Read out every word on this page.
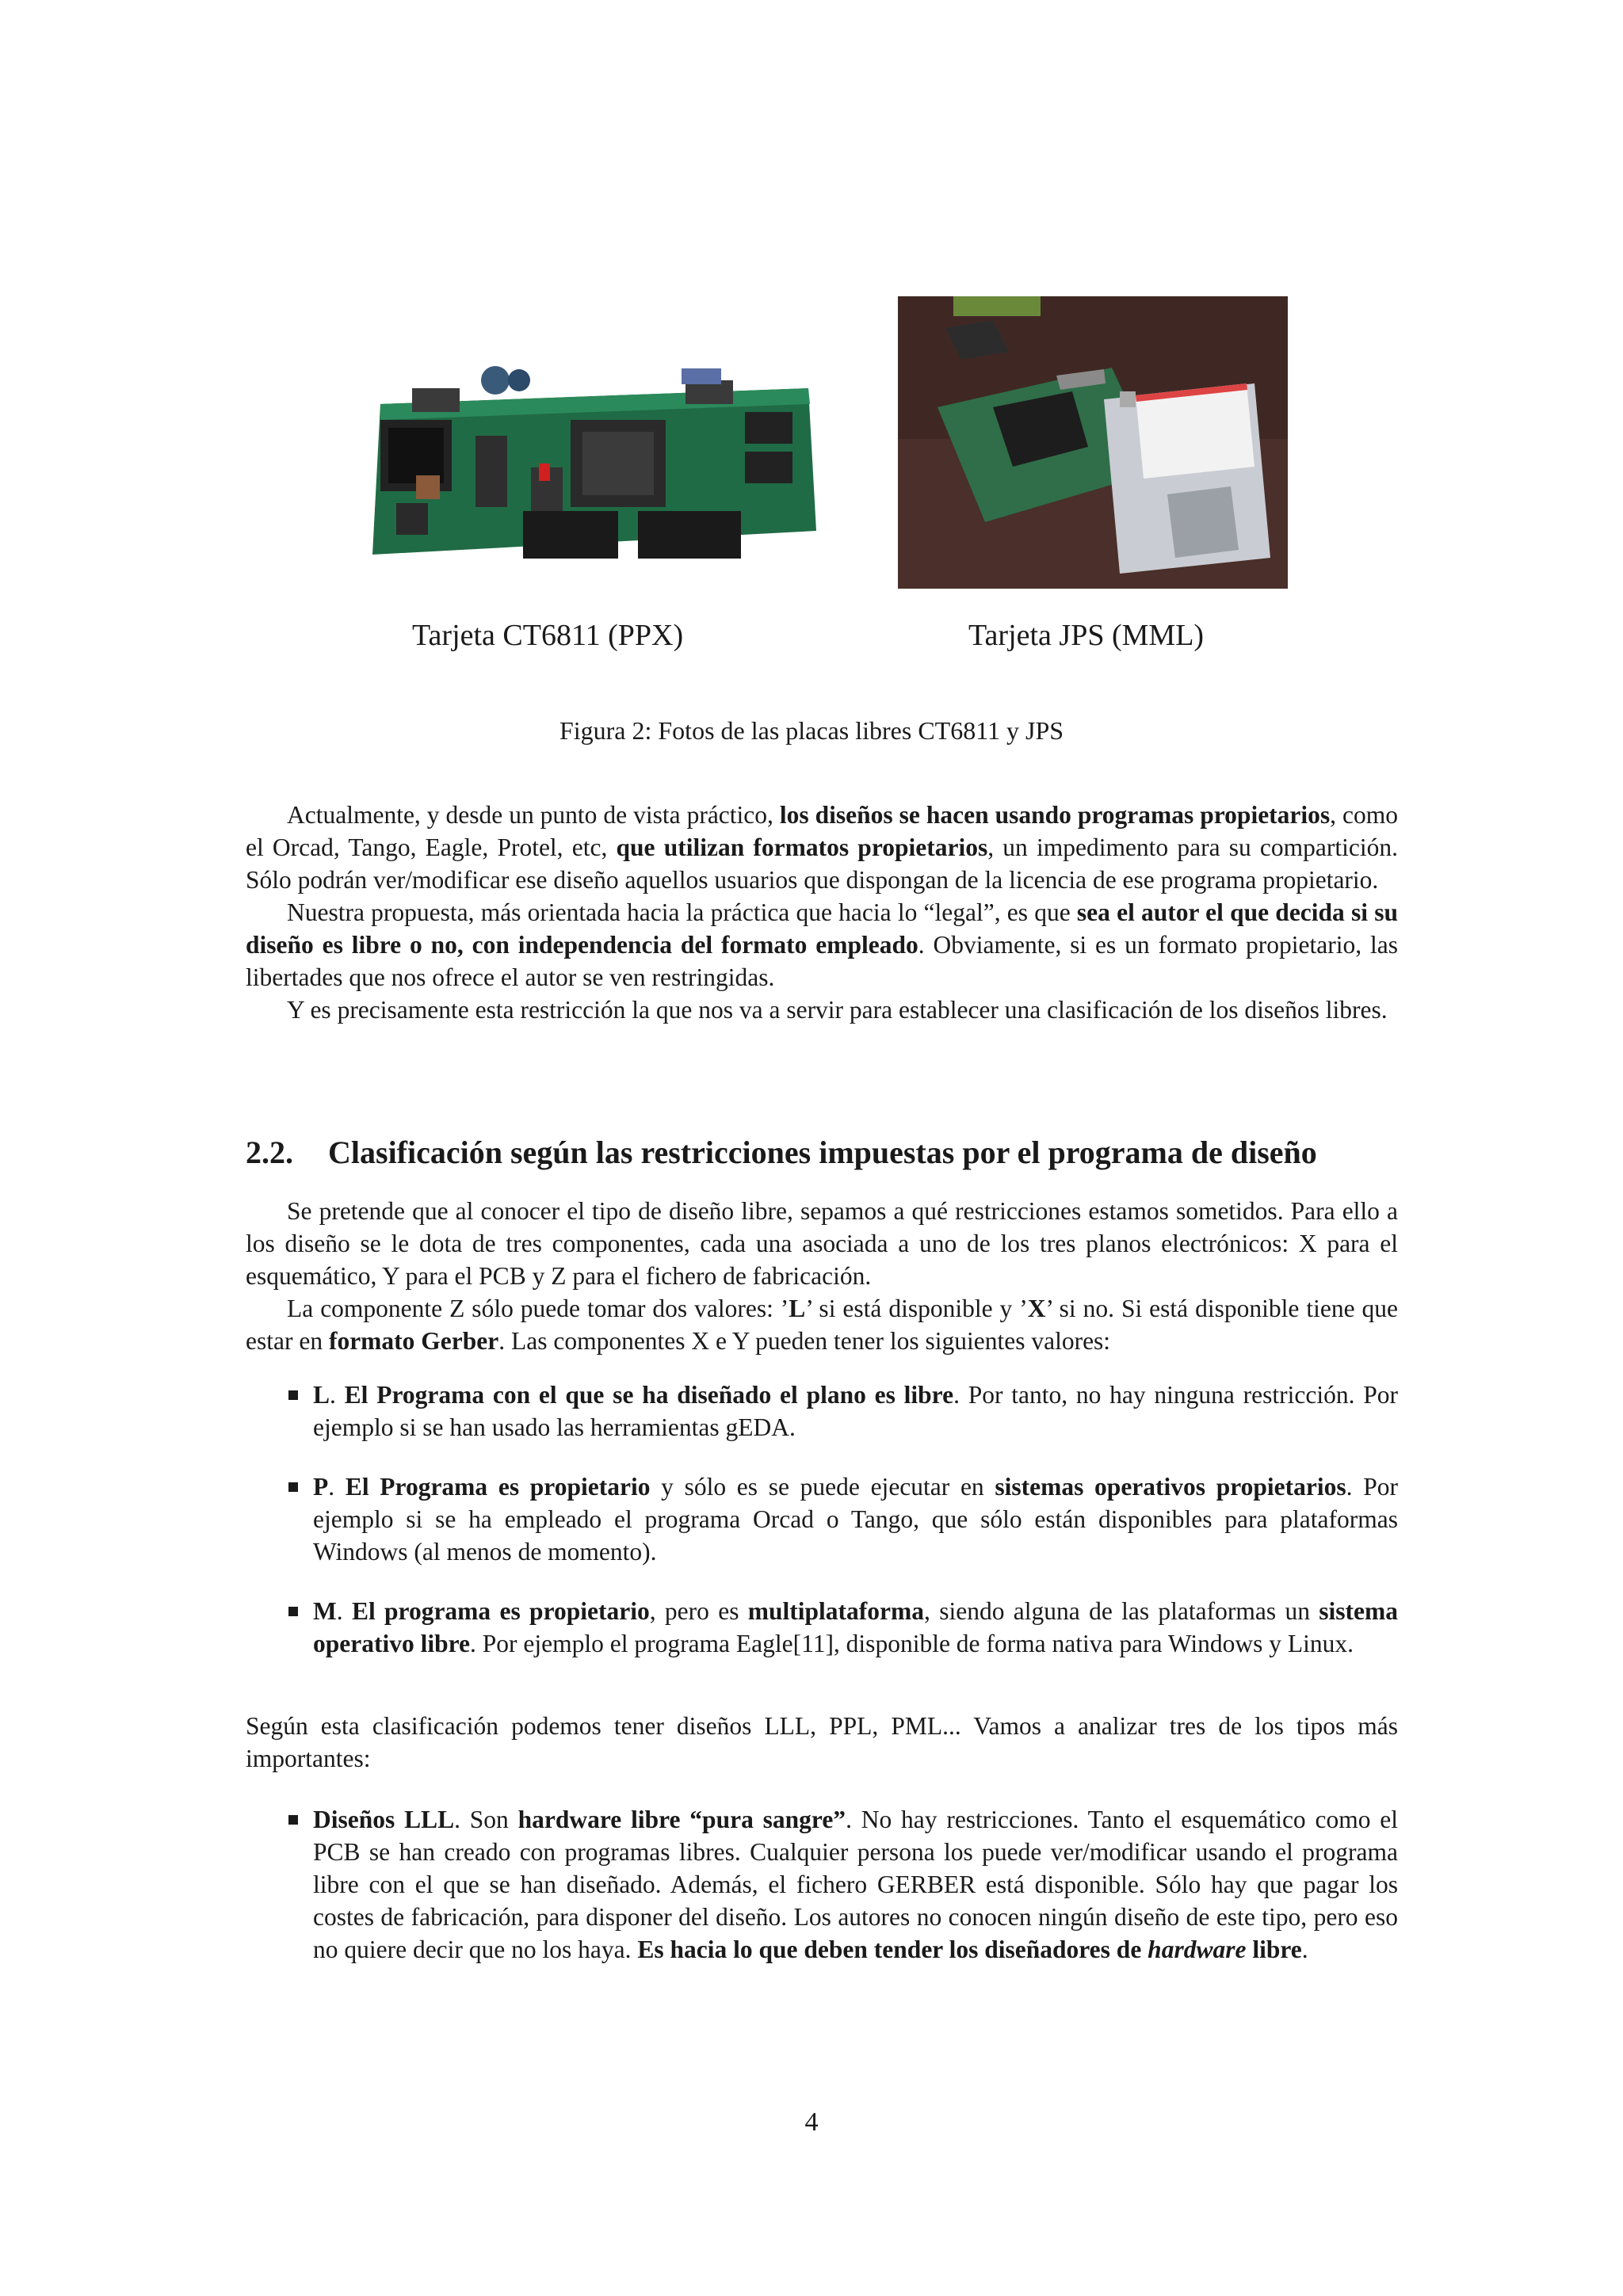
Tarjeta CT6811 (PPX)	Tarjeta JPS (MML)
Figura 2: Fotos de las placas libres CT6811 y JPS

Actualmente, y desde un punto de vista práctico, los diseños se hacen usando programas propietarios, como el Orcad, Tango, Eagle, Protel, etc, que utilizan formatos propietarios, un impedimento para su compartición. Sólo podrán ver/modificar ese diseño aquellos usuarios que dispongan de la licencia de ese programa propietario.

Nuestra propuesta, más orientada hacia la práctica que hacia lo “legal”, es que sea el autor el que decida si su diseño es libre o no, con independencia del formato empleado. Obviamente, si es un formato propietario, las libertades que nos ofrece el autor se ven restringidas.

Y es precisamente esta restricción la que nos va a servir para establecer una clasificación de los diseños libres.

2.2. Clasificación según las restricciones impuestas por el programa de diseño

Se pretende que al conocer el tipo de diseño libre, sepamos a qué restricciones estamos sometidos. Para ello a los diseño se le dota de tres componentes, cada una asociada a uno de los tres planos electrónicos: X para el esquemático, Y para el PCB y Z para el fichero de fabricación.

La componente Z sólo puede tomar dos valores: ’L’ si está disponible y ’X’ si no. Si está disponible tiene que estar en formato Gerber. Las componentes X e Y pueden tener los siguientes valores:

L. El Programa con el que se ha diseñado el plano es libre. Por tanto, no hay ninguna restricción. Por ejemplo si se han usado las herramientas gEDA.
P. El Programa es propietario y sólo es se puede ejecutar en sistemas operativos propietarios. Por ejemplo si se ha empleado el programa Orcad o Tango, que sólo están disponibles para plataformas Windows (al menos de momento).
M. El programa es propietario, pero es multiplataforma, siendo alguna de las plataformas un sistema operativo libre. Por ejemplo el programa Eagle[11], disponible de forma nativa para Windows y Linux.

Según esta clasificación podemos tener diseños LLL, PPL, PML... Vamos a analizar tres de los tipos más importantes:

Diseños LLL. Son hardware libre “pura sangre”. No hay restricciones. Tanto el esquemático como el PCB se han creado con programas libres. Cualquier persona los puede ver/modificar usando el programa libre con el que se han diseñado. Además, el fichero GERBER está disponible. Sólo hay que pagar los costes de fabricación, para disponer del diseño. Los autores no conocen ningún diseño de este tipo, pero eso no quiere decir que no los haya. Es hacia lo que deben tender los diseñadores de hardware libre.
4
